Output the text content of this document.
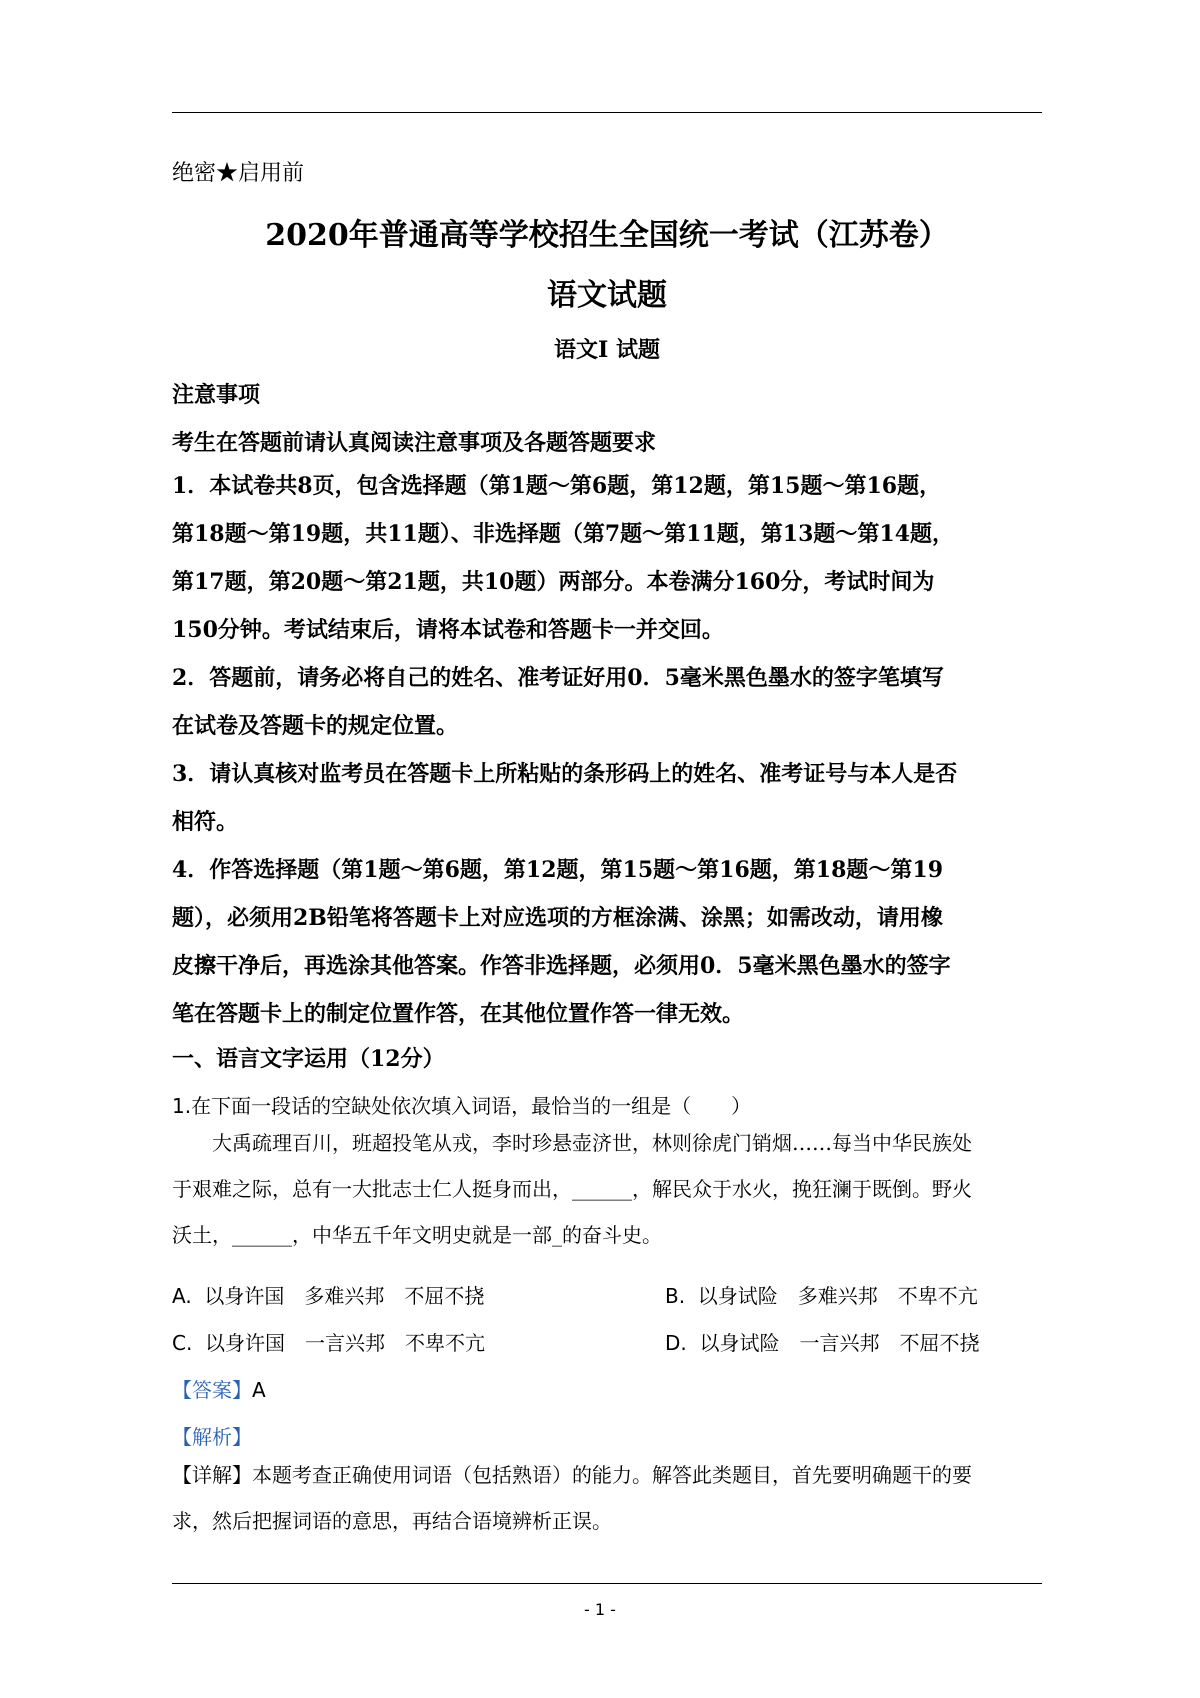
绝密★启用前
2020年普通高等学校招生全国统一考试（江苏卷）
语文试题
语文Ⅰ 试题
注意事项
考生在答题前请认真阅读注意事项及各题答题要求
1．本试卷共8页，包含选择题（第1题～第6题，第12题，第15题～第16题，
第18题～第19题，共11题）、非选择题（第7题～第11题，第13题～第14题，
第17题，第20题～第21题，共10题）两部分。本卷满分160分，考试时间为
150分钟。考试结束后，请将本试卷和答题卡一并交回。
2．答题前，请务必将自己的姓名、准考证好用0．5毫米黑色墨水的签字笔填写
在试卷及答题卡的规定位置。
3．请认真核对监考员在答题卡上所粘贴的条形码上的姓名、准考证号与本人是否
相符。
4．作答选择题（第1题～第6题，第12题，第15题～第16题，第18题～第19
题），必须用2B铅笔将答题卡上对应选项的方框涂满、涂黑；如需改动，请用橡
皮擦干净后，再选涂其他答案。作答非选择题，必须用0．5毫米黑色墨水的签字
笔在答题卡上的制定位置作答，在其他位置作答一律无效。
一、语言文字运用（12分）
1.在下面一段话的空缺处依次填入词语，最恰当的一组是（　　）
　　大禹疏理百川，班超投笔从戎，李时珍悬壶济世，林则徐虎门销烟……每当中华民族处
于艰难之际，总有一大批志士仁人挺身而出，______，解民众于水火，挽狂澜于既倒。野火
沃土，______，中华五千年文明史就是一部_的奋斗史。
A.  以身许国　多难兴邦　不屈不挠	B.  以身试险　多难兴邦　不卑不亢
C.  以身许国　一言兴邦　不卑不亢	D.  以身试险　一言兴邦　不屈不挠
【答案】A
【解析】
【详解】本题考查正确使用词语（包括熟语）的能力。解答此类题目，首先要明确题干的要
求，然后把握词语的意思，再结合语境辨析正误。
- 1 -
